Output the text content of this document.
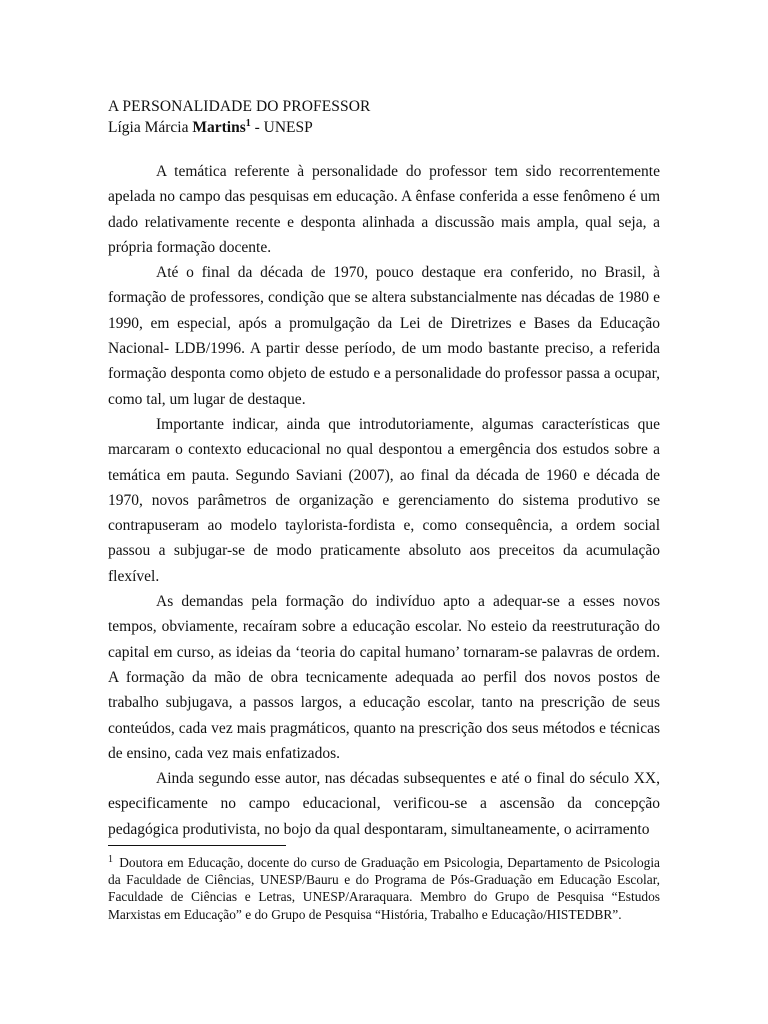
A PERSONALIDADE DO PROFESSOR

Lígia Márcia Martins$^1$ - UNESP

A temática referente à personalidade do professor tem sido recorrentemente apelada no campo das pesquisas em educação. A ênfase conferida a esse fenômeno é um dado relativamente recente e desponta alinhada a discussão mais ampla, qual seja, a própria formação docente.

Até o final da década de 1970, pouco destaque era conferido, no Brasil, à formação de professores, condição que se altera substancialmente nas décadas de 1980 e 1990, em especial, após a promulgação da Lei de Diretrizes e Bases da Educação Nacional- LDB/1996. A partir desse período, de um modo bastante preciso, a referida formação desponta como objeto de estudo e a personalidade do professor passa a ocupar, como tal, um lugar de destaque.

Importante indicar, ainda que introdutoriamente, algumas características que marcaram o contexto educacional no qual despontou a emergência dos estudos sobre a temática em pauta. Segundo Saviani (2007), ao final da década de 1960 e década de 1970, novos parâmetros de organização e gerenciamento do sistema produtivo se contrapuseram ao modelo taylorista-fordista e, como consequência, a ordem social passou a subjugar-se de modo praticamente absoluto aos preceitos da acumulação flexível.

As demandas pela formação do indivíduo apto a adequar-se a esses novos tempos, obviamente, recaíram sobre a educação escolar. No esteio da reestruturação do capital em curso, as ideias da ‘teoria do capital humano’ tornaram-se palavras de ordem. A formação da mão de obra tecnicamente adequada ao perfil dos novos postos de trabalho subjugava, a passos largos, a educação escolar, tanto na prescrição de seus conteúdos, cada vez mais pragmáticos, quanto na prescrição dos seus métodos e técnicas de ensino, cada vez mais enfatizados.

Ainda segundo esse autor, nas décadas subsequentes e até o final do século XX, especificamente no campo educacional, verificou-se a ascensão da concepção pedagógica produtivista, no bojo da qual despontaram, simultaneamente, o acirramento

$^1$ Doutora em Educação, docente do curso de Graduação em Psicologia, Departamento de Psicologia da Faculdade de Ciências, UNESP/Bauru e do Programa de Pós-Graduação em Educação Escolar, Faculdade de Ciências e Letras, UNESP/Araraquara. Membro do Grupo de Pesquisa “Estudos Marxistas em Educação” e do Grupo de Pesquisa “História, Trabalho e Educação/HISTEDBR”.
